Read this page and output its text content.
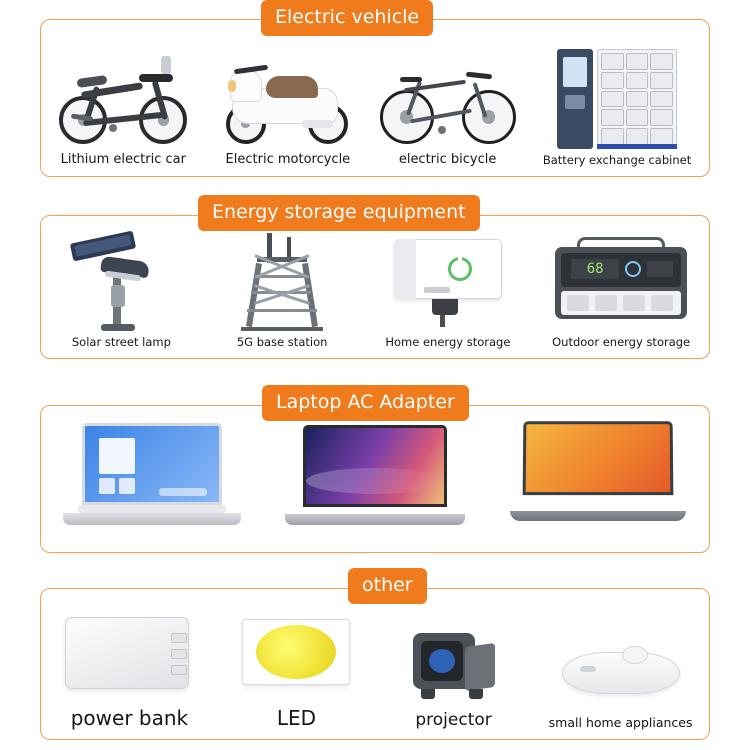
Electric vehicle
Lithium electric car	Electric motorcycle	electric bicycle	Battery exchange cabinet
Energy storage equipment
Solar street lamp	5G base station	Home energy storage
68
Outdoor energy storage
Laptop AC Adapter
other
power bank	LED	projector	small home appliances
